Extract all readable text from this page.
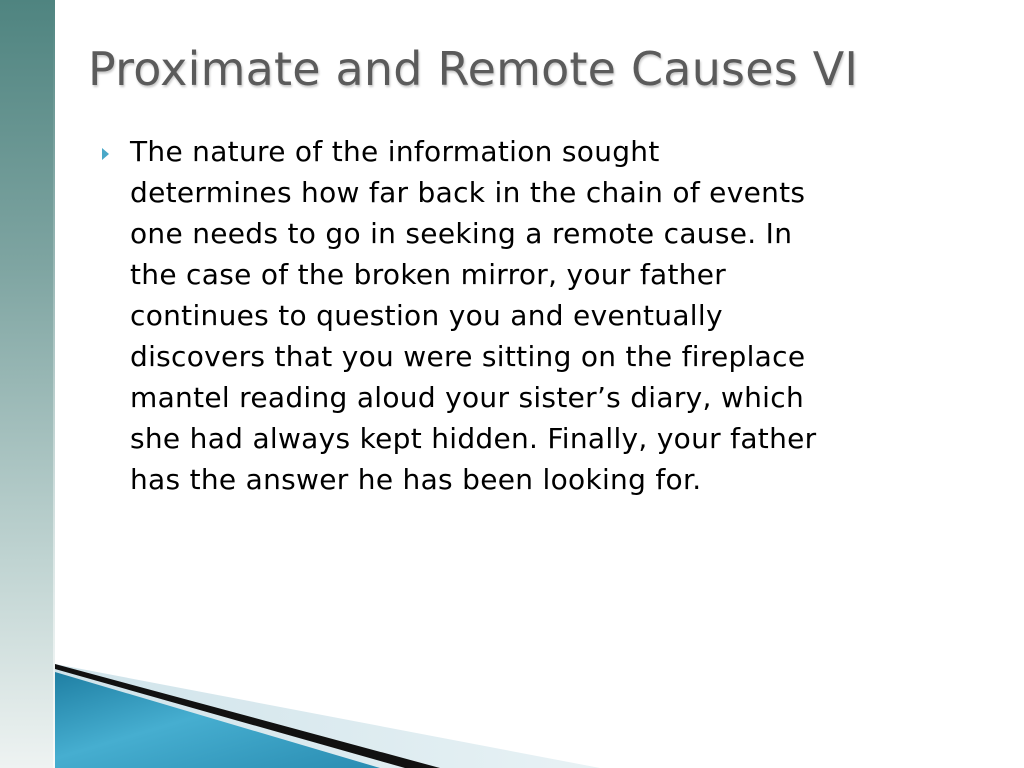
Proximate and Remote Causes VI

The nature of the information sought
determines how far back in the chain of events
one needs to go in seeking a remote cause. In
the case of the broken mirror, your father
continues to question you and eventually
discovers that you were sitting on the fireplace
mantel reading aloud your sister’s diary, which
she had always kept hidden. Finally, your father
has the answer he has been looking for.
